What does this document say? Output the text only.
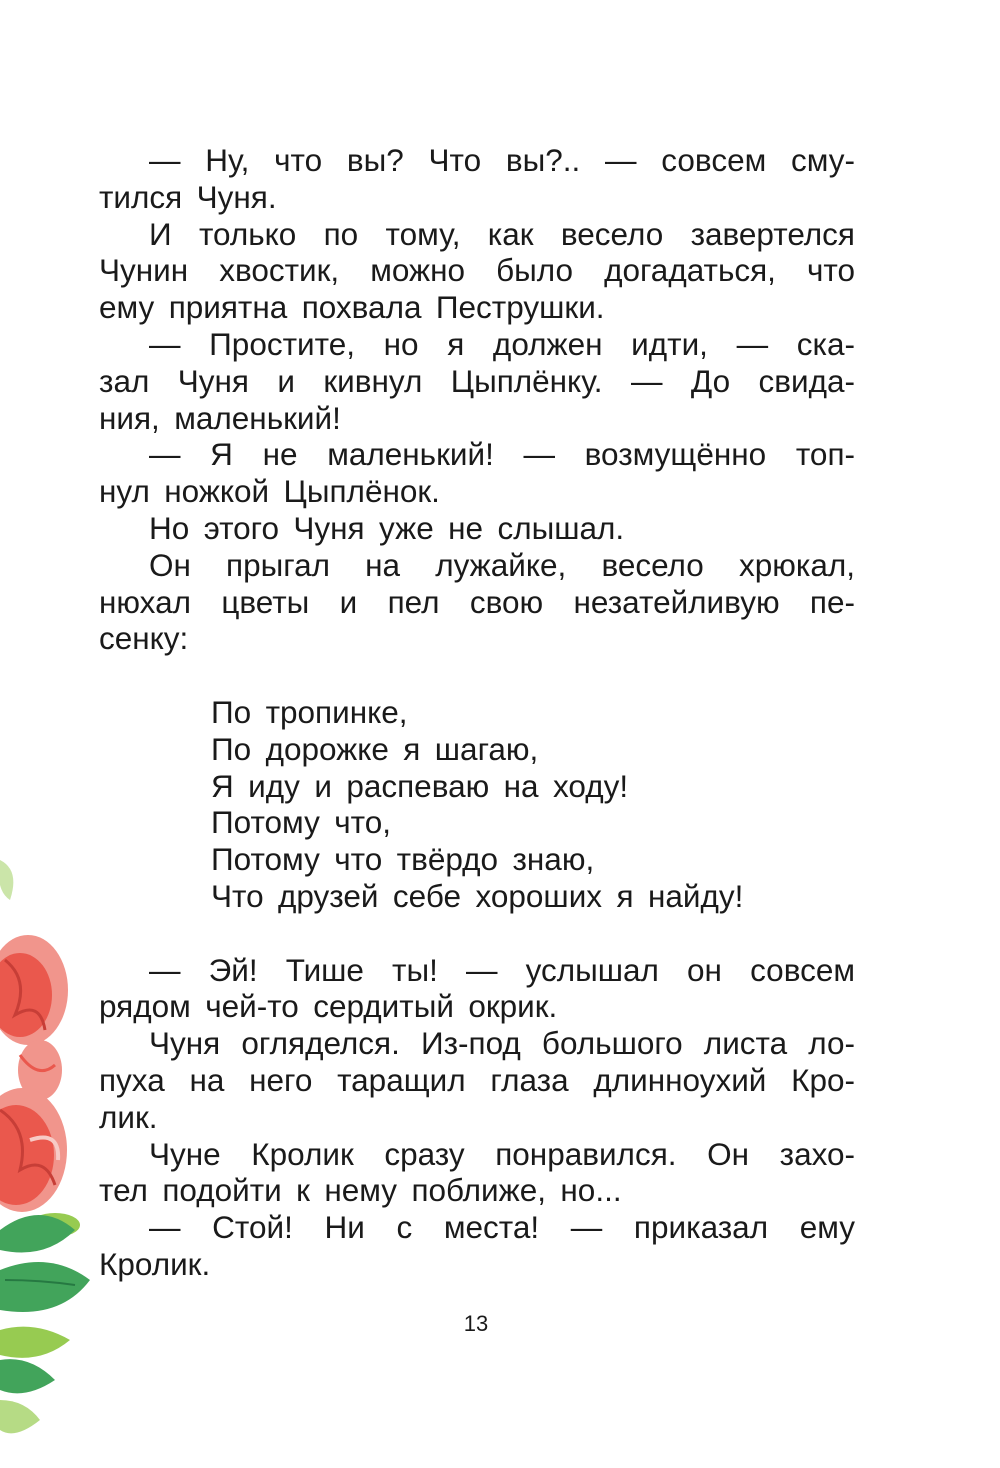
— Ну, что вы? Что вы?.. — совсем сму-
тился Чуня.
И только по тому, как весело завертелся
Чунин хвостик, можно было догадаться, что
ему приятна похвала Пеструшки.
— Простите, но я должен идти, — ска-
зал Чуня и кивнул Цыплёнку. — До свида-
ния, маленький!
— Я не маленький! — возмущённо топ-
нул ножкой Цыплёнок.
Но этого Чуня уже не слышал.
Он прыгал на лужайке, весело хрюкал,
нюхал цветы и пел свою незатейливую пе-
сенку:
По тропинке,
По дорожке я шагаю,
Я иду и распеваю на ходу!
Потому что,
Потому что твёрдо знаю,
Что друзей себе хороших я найду!
— Эй! Тише ты! — услышал он совсем
рядом чей-то сердитый окрик.
Чуня огляделся. Из-под большого листа ло-
пуха на него таращил глаза длинноухий Кро-
лик.
Чуне Кролик сразу понравился. Он захо-
тел подойти к нему поближе, но...
— Стой! Ни с места! — приказал ему
Кролик.
13
